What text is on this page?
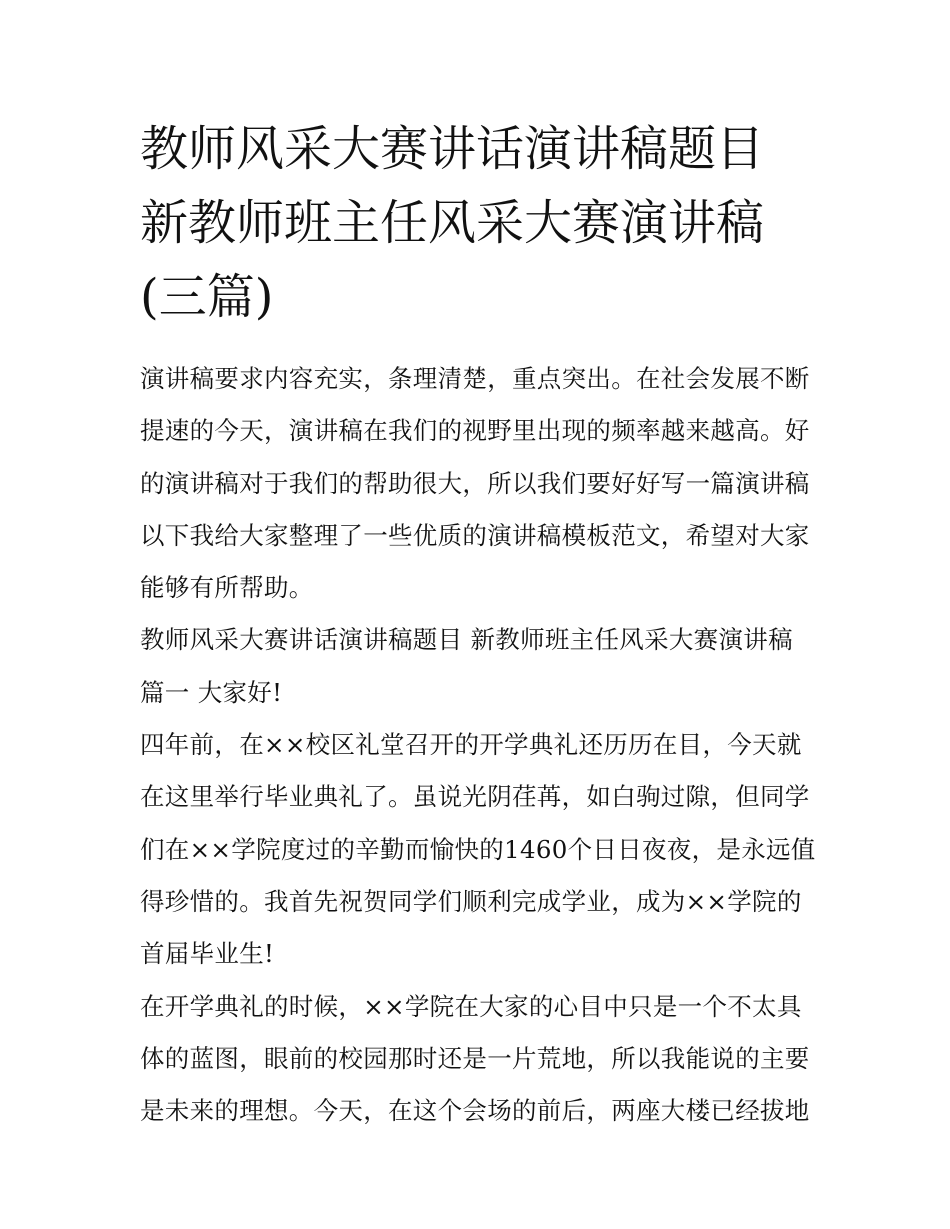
教师风采大赛讲话演讲稿题目
新教师班主任风采大赛演讲稿
(三篇)
演讲稿要求内容充实，条理清楚，重点突出。在社会发展不断
提速的今天，演讲稿在我们的视野里出现的频率越来越高。好
的演讲稿对于我们的帮助很大，所以我们要好好写一篇演讲稿
以下我给大家整理了一些优质的演讲稿模板范文，希望对大家
能够有所帮助。
教师风采大赛讲话演讲稿题目 新教师班主任风采大赛演讲稿
篇一 大家好!
四年前，在××校区礼堂召开的开学典礼还历历在目，今天就
在这里举行毕业典礼了。虽说光阴荏苒，如白驹过隙，但同学
们在××学院度过的辛勤而愉快的1460个日日夜夜，是永远值
得珍惜的。我首先祝贺同学们顺利完成学业，成为××学院的
首届毕业生!
在开学典礼的时候，××学院在大家的心目中只是一个不太具
体的蓝图，眼前的校园那时还是一片荒地，所以我能说的主要
是未来的理想。今天，在这个会场的前后，两座大楼已经拔地
